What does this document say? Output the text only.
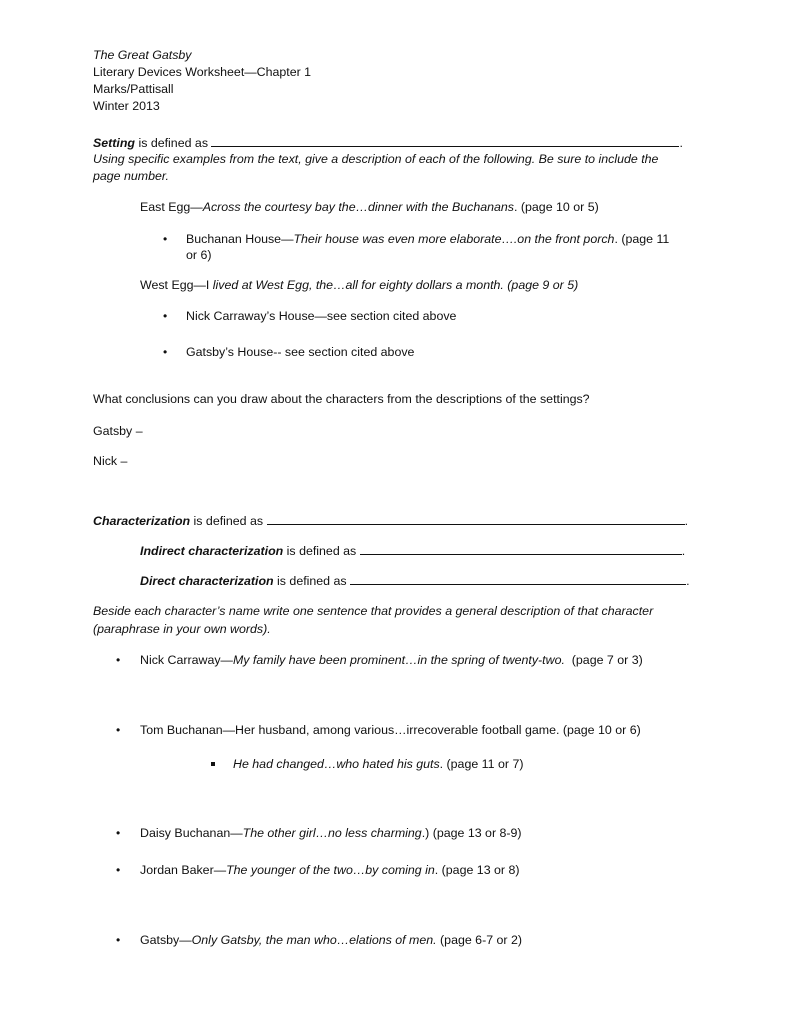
The Great Gatsby
Literary Devices Worksheet—Chapter 1
Marks/Pattisall
Winter 2013
Setting is defined as	.
Using specific examples from the text, give a description of each of the following. Be sure to include the
page number.
East Egg—Across the courtesy bay the…dinner with the Buchanans. (page 10 or 5)
• Buchanan House—Their house was even more elaborate….on the front porch. (page 11
or 6)
West Egg—I lived at West Egg, the…all for eighty dollars a month. (page 9 or 5)
• Nick Carraway’s House—see section cited above
• Gatsby’s House-- see section cited above
What conclusions can you draw about the characters from the descriptions of the settings?
Gatsby –
Nick –
Characterization is defined as	.
Indirect characterization is defined as	.
Direct characterization is defined as	.
Beside each character’s name write one sentence that provides a general description of that character
(paraphrase in your own words).
• Nick Carraway—My family have been prominent…in the spring of twenty-two.  (page 7 or 3)
• Tom Buchanan—Her husband, among various…irrecoverable football game. (page 10 or 6)
He had changed…who hated his guts. (page 11 or 7)
• Daisy Buchanan—The other girl…no less charming.) (page 13 or 8-9)
• Jordan Baker—The younger of the two…by coming in. (page 13 or 8)
• Gatsby—Only Gatsby, the man who…elations of men. (page 6-7 or 2)
